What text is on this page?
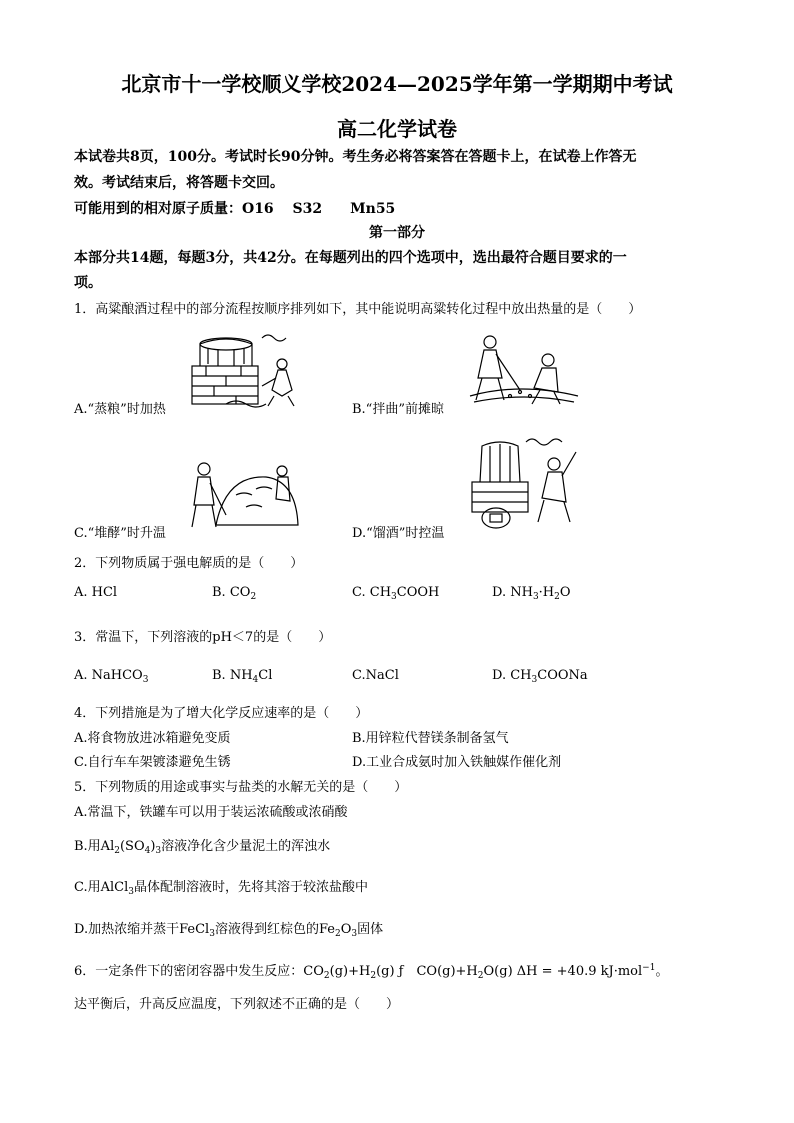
北京市十一学校顺义学校2024—2025学年第一学期期中考试
高二化学试卷
本试卷共8页，100分。考试时长90分钟。考生务必将答案答在答题卡上，在试卷上作答无
效。考试结束后，将答题卡交回。
可能用到的相对原子质量：O16　 S32　　Mn55
第一部分
本部分共14题，每题3分，共42分。在每题列出的四个选项中，选出最符合题目要求的一
项。
1．高粱酿酒过程中的部分流程按顺序排列如下，其中能说明高粱转化过程中放出热量的是（　　）
A.“蒸粮”时加热	B.“拌曲”前摊晾
C.“堆酵”时升温	D.“馏酒”时控温
2．下列物质属于强电解质的是（　　）
A. HCl	B. $CO_2$	C. $CH_3COOH$	D. $NH_3\cdot H_2O$
3．常温下，下列溶液的pH＜7的是（　　）
A. NaHCO$_3$	B. $NH_4Cl$	C.NaCl	D. $CH_3COONa$
4．下列措施是为了增大化学反应速率的是（　　）
A.将食物放进冰箱避免变质	B.用锌粒代替镁条制备氢气
C.自行车车架镀漆避免生锈	D.工业合成氨时加入铁触媒作催化剂
5．下列物质的用途或事实与盐类的水解无关的是（　　）
A.常温下，铁罐车可以用于装运浓硫酸或浓硝酸
B.用$Al_2(SO_4)_3$溶液净化含少量泥土的浑浊水
C.用AlCl$_3$晶体配制溶液时，先将其溶于较浓盐酸中
D.加热浓缩并蒸干FeCl$_3$溶液得到红棕色的$Fe_2O_3$固体
6．一定条件下的密闭容器中发生反应：$CO_2(g)+H_2(g)$ ƒ　$CO(g)+H_2O(g) \Delta H = +40.9$ kJ·mol$^{-1}$。
达平衡后，升高反应温度，下列叙述不正确的是（　　）
